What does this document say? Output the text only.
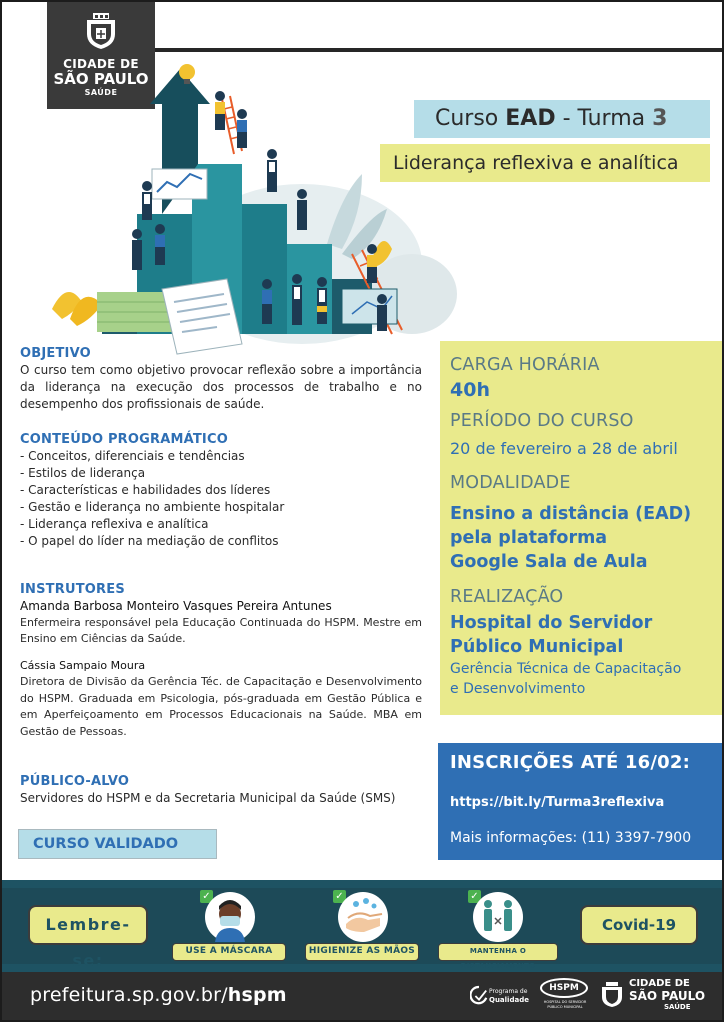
CIDADE DE
SÃO PAULO
SAÚDE
Curso EAD - Turma 3
Liderança reflexiva e analítica
OBJETIVO
O curso tem como objetivo provocar reflexão sobre a importância da liderança na execução dos processos de trabalho e no desempenho dos profissionais de saúde.
CONTEÚDO PROGRAMÁTICO
- Conceitos, diferenciais e tendências
- Estilos de liderança
- Características e habilidades dos líderes
- Gestão e liderança no ambiente hospitalar
- Liderança reflexiva e analítica
- O papel do líder na mediação de conflitos
INSTRUTORES
Amanda Barbosa Monteiro Vasques Pereira Antunes
Enfermeira responsável pela Educação Continuada do HSPM. Mestre em Ensino em Ciências da Saúde.
Cássia Sampaio Moura
Diretora de Divisão da Gerência Téc. de Capacitação e Desenvolvimento do HSPM. Graduada em Psicologia, pós-graduada em Gestão Pública e em Aperfeiçoamento em Processos Educacionais na Saúde. MBA em Gestão de Pessoas.
PÚBLICO-ALVO
Servidores do HSPM e da Secretaria Municipal da Saúde (SMS)
CURSO VALIDADO
CARGA HORÁRIA
40h
PERÍODO DO CURSO
20 de fevereiro a 28 de abril
MODALIDADE
Ensino a distância (EAD)
pela plataforma
Google Sala de Aula
REALIZAÇÃO
Hospital do Servidor
Público Municipal
Gerência Técnica de Capacitação
e Desenvolvimento
INSCRIÇÕES ATÉ 16/02:
https://bit.ly/Turma3reflexiva
Mais informações: (11) 3397-7900
Lembre-se:
✓
USE A MÁSCARA
✓
HIGIENIZE AS MÃOS
✓
MANTENHA O DISTANCIAMENTO
Covid-19
prefeitura.sp.gov.br/hspm	Programa de
Qualidade
HSPM
HOSPITAL DO SERVIDOR PÚBLICO MUNICIPAL
CIDADE DE
SÃO PAULO
SAÚDE
